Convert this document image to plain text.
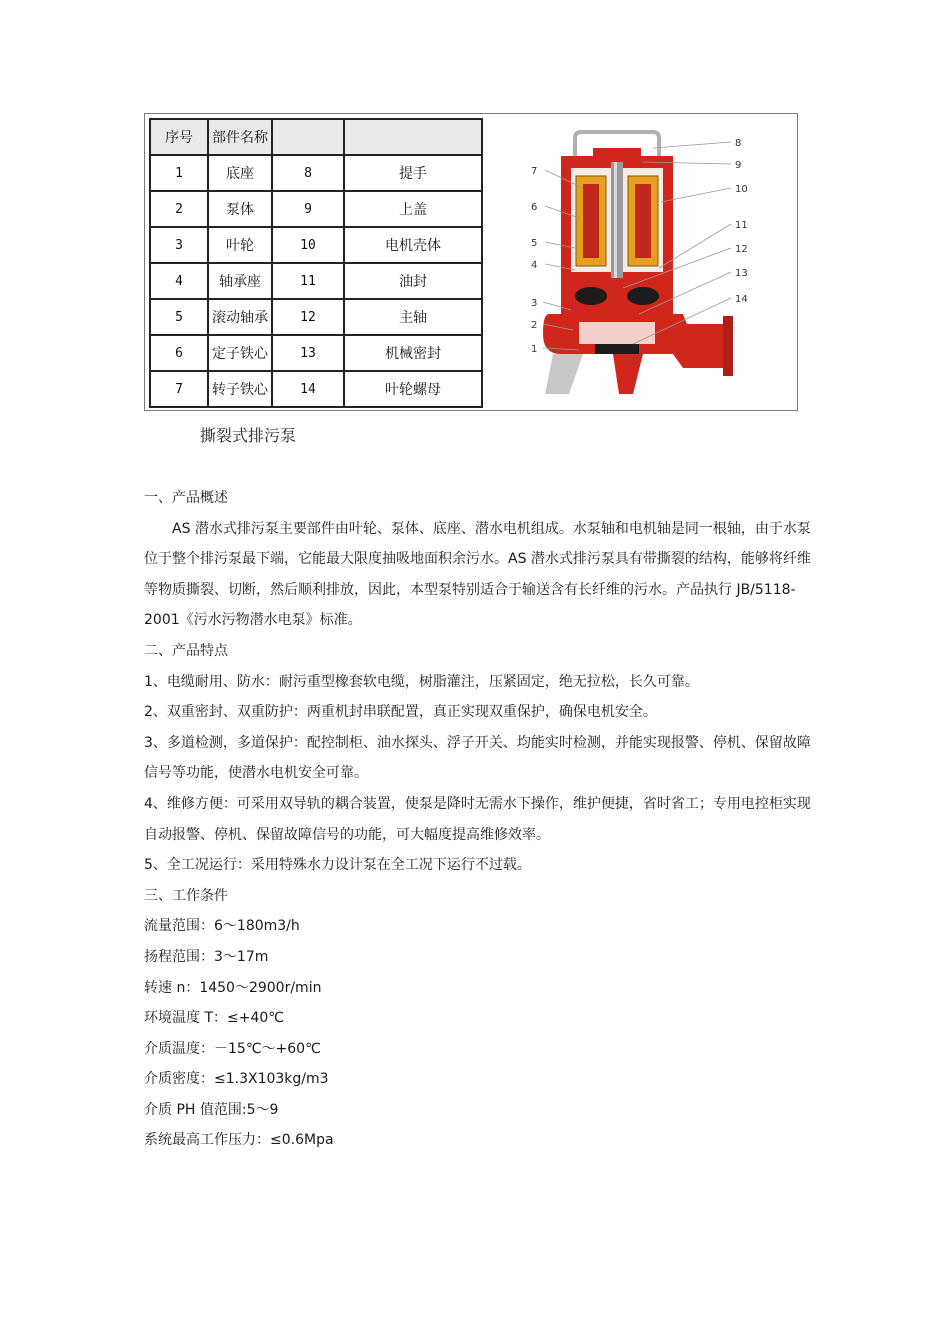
序号	部件名称		
1	底座	8	提手
2	泵体	9	上盖
3	叶轮	10	电机壳体
4	轴承座	11	油封
5	滚动轴承	12	主轴
6	定子铁心	13	机械密封
7	转子铁心	14	叶轮螺母
7
6
5
4
3
2
1
8
9
10
11
12
13
14
撕裂式排污泵

一、产品概述

AS 潜水式排污泵主要部件由叶轮、泵体、底座、潜水电机组成。水泵轴和电机轴是同一根轴，由于水泵位于整个排污泵最下端，它能最大限度抽吸地面积余污水。AS 潜水式排污泵具有带撕裂的结构，能够将纤维等物质撕裂、切断，然后顺利排放，因此，本型泵特别适合于输送含有长纤维的污水。产品执行 JB/5118-2001《污水污物潜水电泵》标准。

二、产品特点

1、电缆耐用、防水：耐污重型橡套软电缆，树脂灌注，压紧固定，绝无拉松，长久可靠。

2、双重密封、双重防护：两重机封串联配置，真正实现双重保护，确保电机安全。

3、多道检测，多道保护：配控制柜、油水探头、浮子开关、均能实时检测，并能实现报警、停机、保留故障信号等功能，使潜水电机安全可靠。

4、维修方便：可采用双导轨的耦合装置，使泵是降时无需水下操作，维护便捷，省时省工；专用电控柜实现自动报警、停机、保留故障信号的功能，可大幅度提高维修效率。

5、全工况运行：采用特殊水力设计泵在全工况下运行不过载。

三、工作条件

流量范围：6～180m3/h

扬程范围：3～17m

转速 n：1450～2900r/min

环境温度 T：≤+40℃

介质温度：－15℃～+60℃

介质密度：≤1.3X103kg/m3

介质 PH 值范围:5～9

系统最高工作压力：≤0.6Mpa
